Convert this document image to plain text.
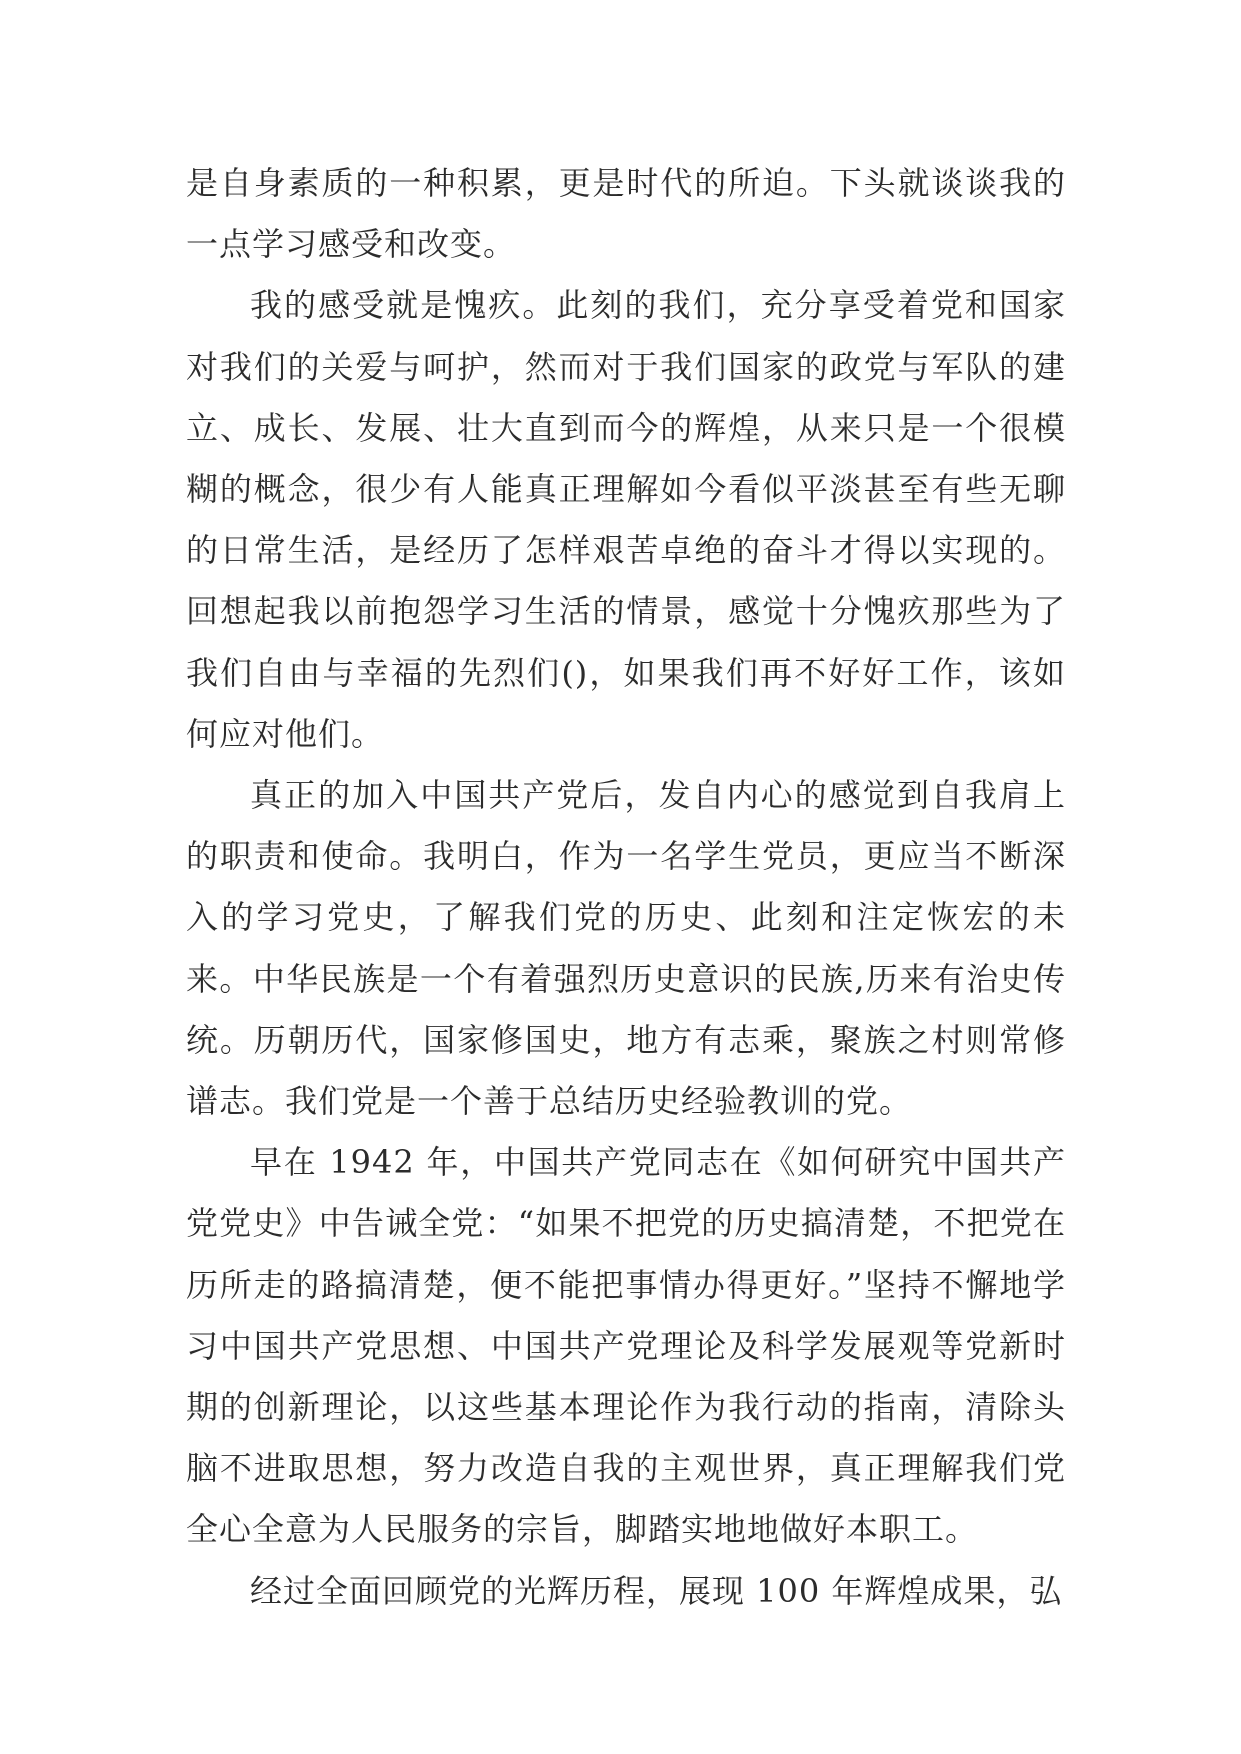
是自身素质的一种积累，更是时代的所迫。下头就谈谈我的一点学习感受和改变。

我的感受就是愧疚。此刻的我们，充分享受着党和国家对我们的关爱与呵护，然而对于我们国家的政党与军队的建立、成长、发展、壮大直到而今的辉煌，从来只是一个很模糊的概念，很少有人能真正理解如今看似平淡甚至有些无聊的日常生活，是经历了怎样艰苦卓绝的奋斗才得以实现的。回想起我以前抱怨学习生活的情景，感觉十分愧疚那些为了我们自由与幸福的先烈们()，如果我们再不好好工作，该如何应对他们。

真正的加入中国共产党后，发自内心的感觉到自我肩上的职责和使命。我明白，作为一名学生党员，更应当不断深入的学习党史，了解我们党的历史、此刻和注定恢宏的未来。中华民族是一个有着强烈历史意识的民族,历来有治史传统。历朝历代，国家修国史，地方有志乘，聚族之村则常修谱志。我们党是一个善于总结历史经验教训的党。

早在 1942 年，中国共产党同志在《如何研究中国共产党党史》中告诫全党：“如果不把党的历史搞清楚，不把党在历所走的路搞清楚，便不能把事情办得更好。”坚持不懈地学习中国共产党思想、中国共产党理论及科学发展观等党新时期的创新理论，以这些基本理论作为我行动的指南，清除头脑不进取思想，努力改造自我的主观世界，真正理解我们党全心全意为人民服务的宗旨，脚踏实地地做好本职工。

经过全面回顾党的光辉历程，展现 100 年辉煌成果，弘
